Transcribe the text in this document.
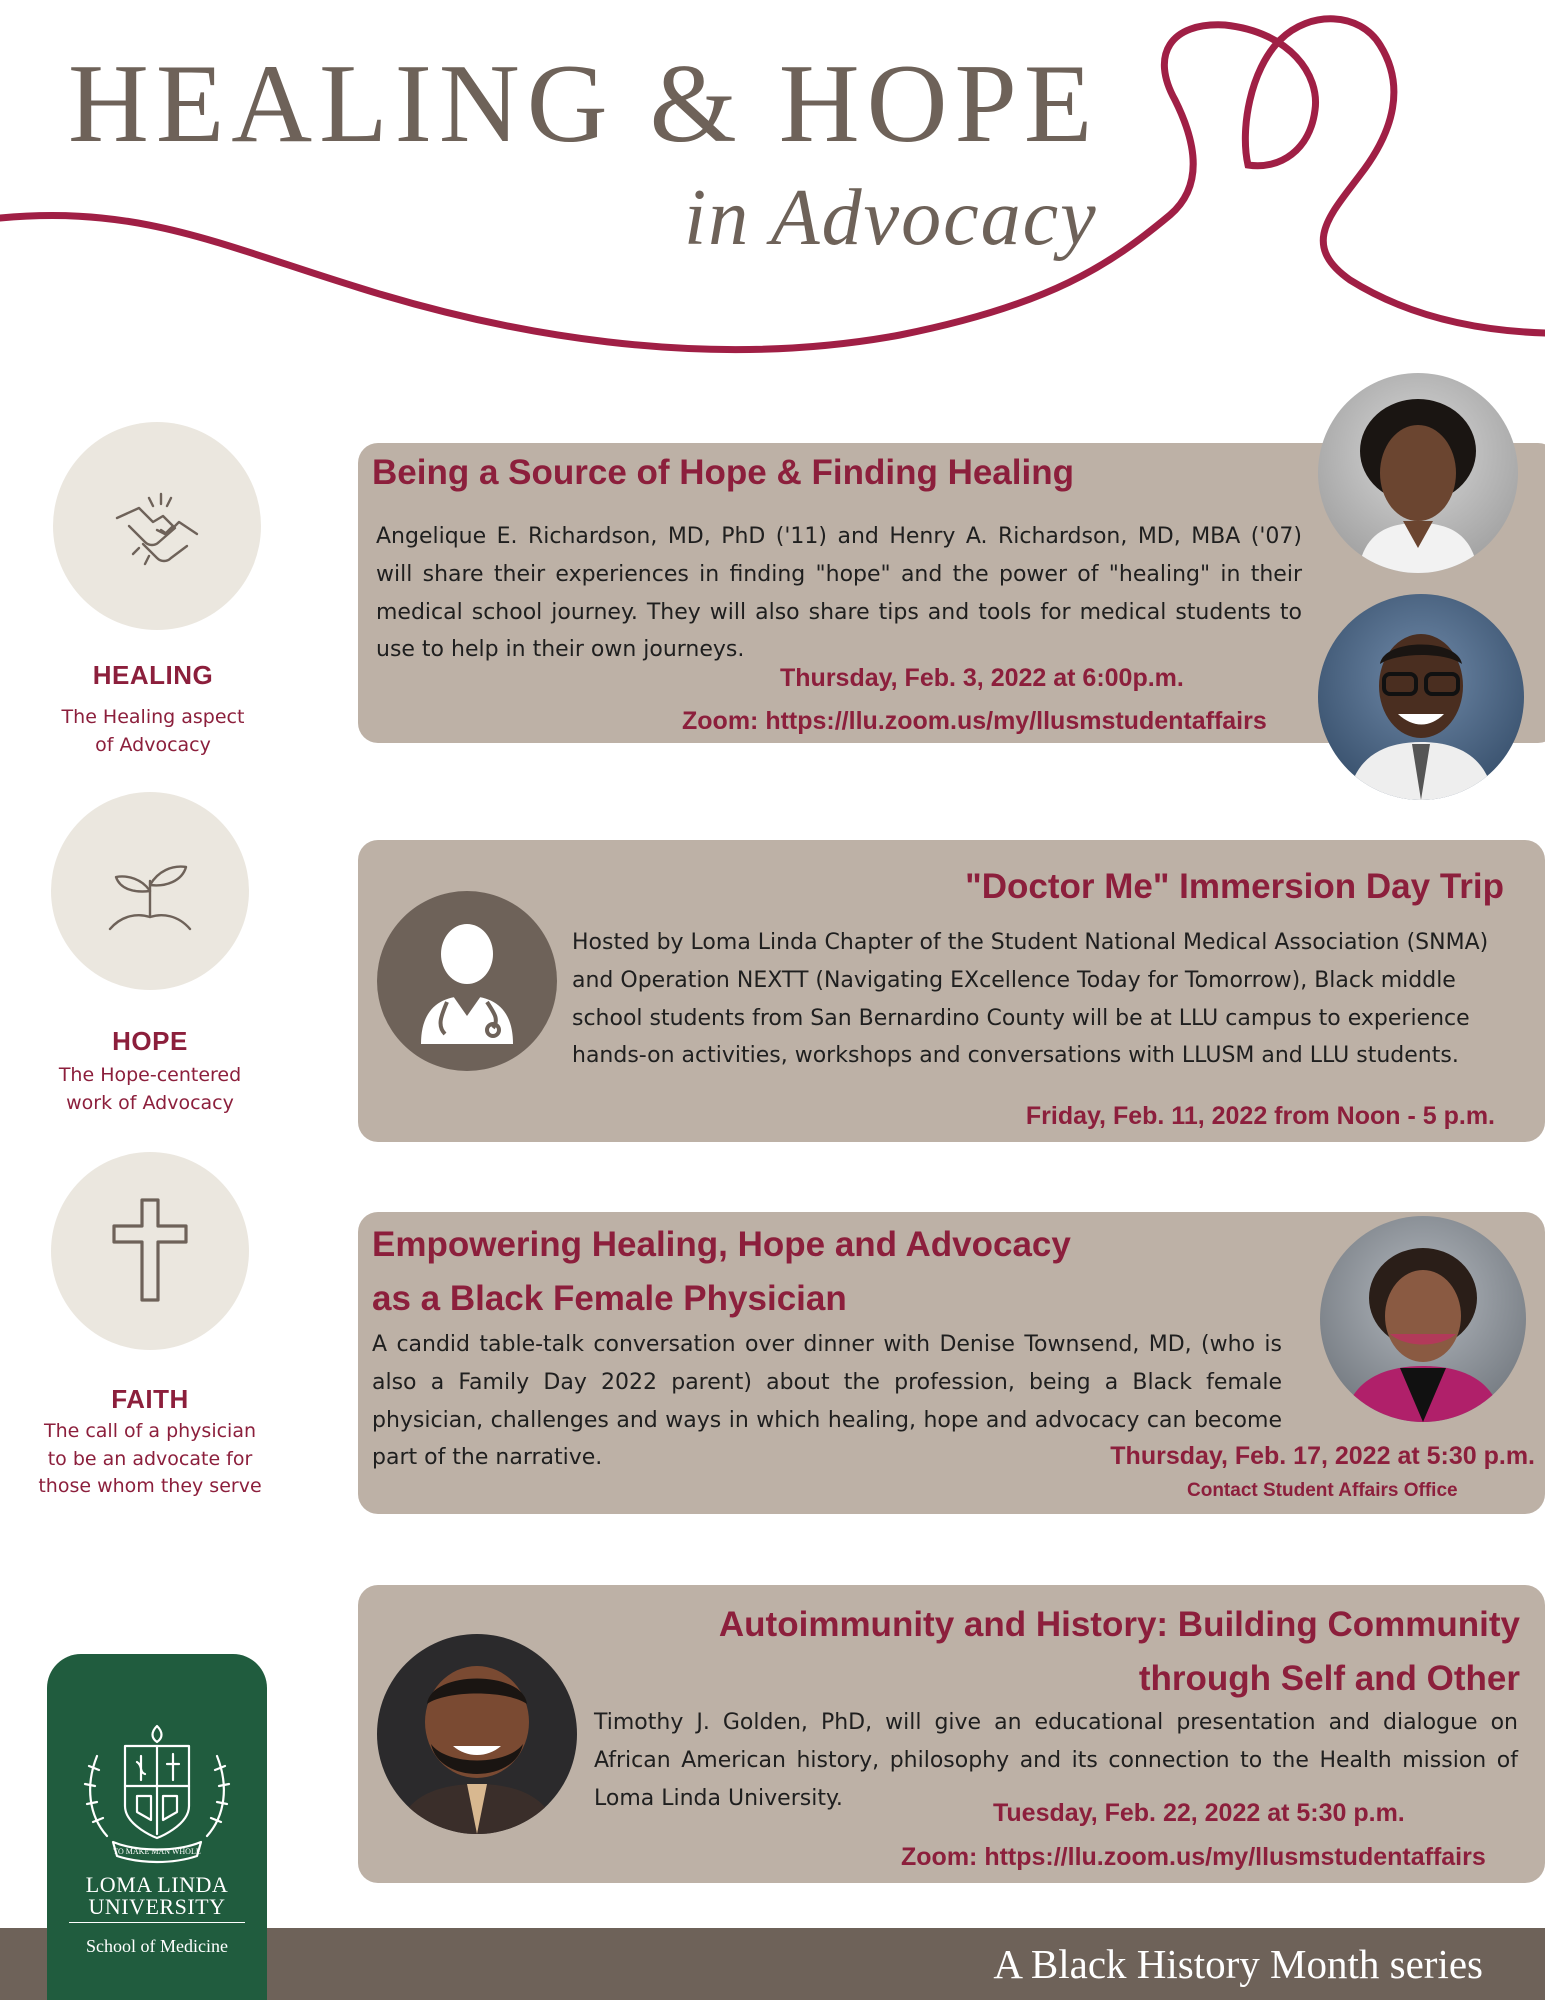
HEALING & HOPE
in Advocacy
HEALING
The Healing aspect
of Advocacy
HOPE
The Hope-centered
work of Advocacy
FAITH
The call of a physician
to be an advocate for
those whom they serve
Being a Source of Hope & Finding Healing
Angelique E. Richardson, MD, PhD ('11) and Henry A. Richardson, MD, MBA ('07) will share their experiences in finding "hope" and the power of "healing" in their medical school journey. They will also share tips and tools for medical students to use to help in their own journeys.
Thursday, Feb. 3, 2022 at 6:00p.m.
Zoom: https://llu.zoom.us/my/llusmstudentaffairs
"Doctor Me" Immersion Day Trip
Hosted by Loma Linda Chapter of the Student National Medical Association (SNMA) and Operation NEXTT (Navigating EXcellence Today for Tomorrow), Black middle school students from San Bernardino County will be at LLU campus to experience hands-on activities, workshops and conversations with LLUSM and LLU students.
Friday, Feb. 11, 2022 from Noon - 5 p.m.
Empowering Healing, Hope and Advocacy
as a Black Female Physician
A candid table-talk conversation over dinner with Denise Townsend, MD, (who is also a Family Day 2022 parent) about the profession, being a Black female physician, challenges and ways in which healing, hope and advocacy can become part of the narrative.	Thursday, Feb. 17, 2022 at 5:30 p.m.
Contact Student Affairs Office
Autoimmunity and History: Building Community
through Self and Other
Timothy J. Golden, PhD, will give an educational presentation and dialogue on African American history, philosophy and its connection to the Health mission of Loma Linda University.
Tuesday, Feb. 22, 2022 at 5:30 p.m.
Zoom: https://llu.zoom.us/my/llusmstudentaffairs
A Black History Month series
TO MAKE MAN WHOLE
LOMA LINDA
UNIVERSITY
School of Medicine
